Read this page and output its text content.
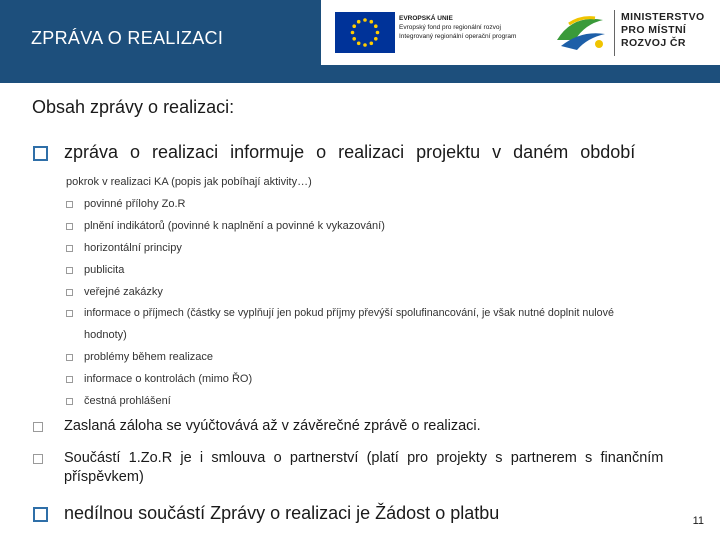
ZPRÁVA O REALIZACI
EVROPSKÁ UNIE
Evropský fond pro regionální rozvoj
Integrovaný regionální operační program
MINISTERSTVO
PRO MÍSTNÍ
ROZVOJ ČR
Obsah zprávy o realizaci:
zpráva o realizaci informuje o realizaci projektu v daném období
pokrok v realizaci KA (popis jak pobíhají aktivity…)
povinné přílohy Zo.R
plnění indikátorů (povinné k naplnění a povinné k vykazování)
horizontální principy
publicita
veřejné zakázky
informace o příjmech (částky se vyplňují jen pokud příjmy převýší spolufinancování, je však nutné doplnit nulové
hodnoty)
problémy během realizace
informace o kontrolách (mimo ŘO)
čestná prohlášení
Zaslaná záloha se vyúčtovává až v závěrečné zprávě o realizaci.
Součástí 1.Zo.R je i smlouva o partnerství (platí pro projekty s partnerem s finančním
příspěvkem)
nedílnou součástí Zprávy o realizaci je Žádost o platbu	11
